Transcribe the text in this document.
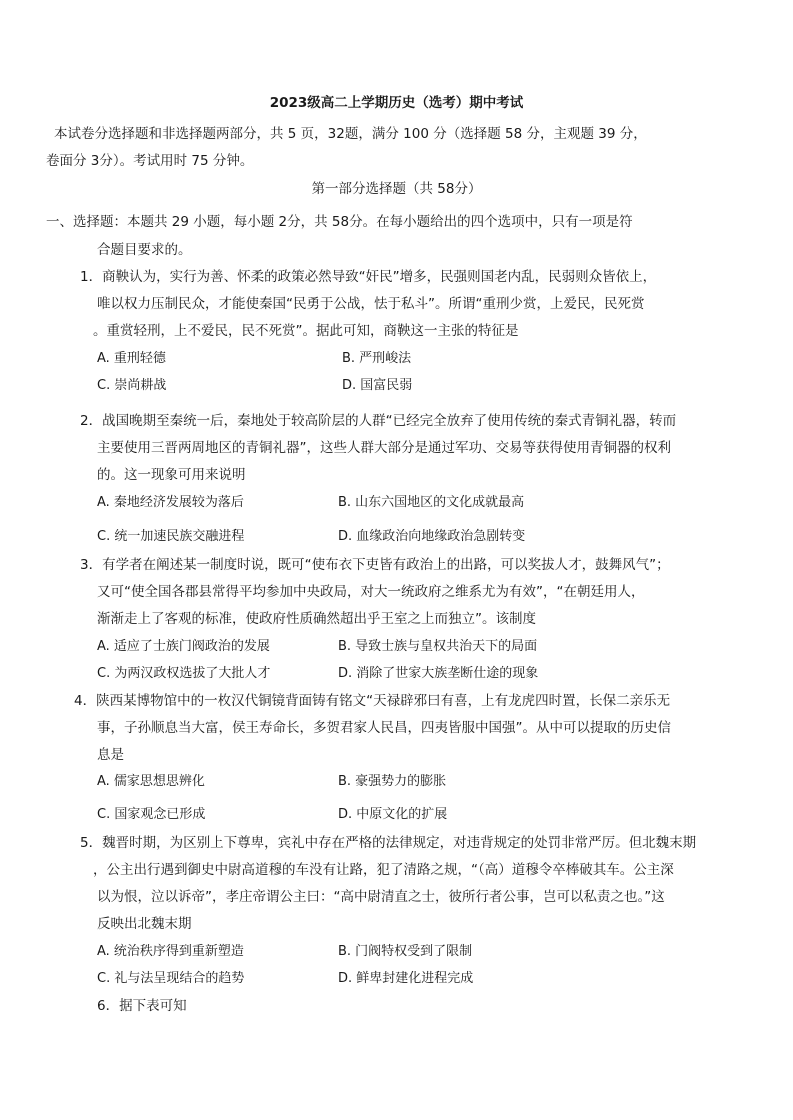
2023级高二上学期历史（选考）期中考试
本试卷分选择题和非选择题两部分，共 5 页，32题，满分 100 分（选择题 58 分，主观题 39 分，
卷面分 3分）。考试用时 75 分钟。
第一部分选择题（共 58分）
一、选择题：本题共 29 小题，每小题 2分，共 58分。在每小题给出的四个选项中，只有一项是符
合题目要求的。
1．商鞅认为，实行为善、怀柔的政策必然导致“奸民”增多，民强则国老内乱，民弱则众皆依上，
唯以权力压制民众，才能使秦国“民勇于公战，怯于私斗”。所谓“重刑少赏，上爱民，民死赏
。重赏轻刑，上不爱民，民不死赏”。据此可知，商鞅这一主张的特征是
A. 重刑轻德	B. 严刑峻法
C. 崇尚耕战	D. 国富民弱
2．战国晚期至秦统一后，秦地处于较高阶层的人群“已经完全放弃了使用传统的秦式青铜礼器，转而
主要使用三晋两周地区的青铜礼器”，这些人群大部分是通过军功、交易等获得使用青铜器的权利
的。这一现象可用来说明
A. 秦地经济发展较为落后	B. 山东六国地区的文化成就最高
C. 统一加速民族交融进程	D. 血缘政治向地缘政治急剧转变
3．有学者在阐述某一制度时说，既可“使布衣下吏皆有政治上的出路，可以奖拔人才，鼓舞风气”；
又可“使全国各郡县常得平均参加中央政局，对大一统政府之维系尤为有效”，“在朝廷用人，
渐渐走上了客观的标准，使政府性质确然超出乎王室之上而独立”。该制度
A. 适应了士族门阀政治的发展	B. 导致士族与皇权共治天下的局面
C. 为两汉政权选拔了大批人才	D. 消除了世家大族垄断仕途的现象
4．陕西某博物馆中的一枚汉代铜镜背面铸有铭文“天禄辟邪曰有喜，上有龙虎四时置，长保二亲乐无
事，子孙顺息当大富，侯王寿命长，多贺君家人民昌，四夷皆服中国强”。从中可以提取的历史信
息是
A. 儒家思想思辨化	B. 豪强势力的膨胀
C. 国家观念已形成	D. 中原文化的扩展
5．魏晋时期，为区别上下尊卑，宾礼中存在严格的法律规定，对违背规定的处罚非常严厉。但北魏末期
，公主出行遇到御史中尉高道穆的车没有让路，犯了清路之规，“（高）道穆令卒棒破其车。公主深
以为恨，泣以诉帝”，孝庄帝谓公主曰：“高中尉清直之士，彼所行者公事，岂可以私责之也。”这
反映出北魏末期
A. 统治秩序得到重新塑造	B. 门阀特权受到了限制
C. 礼与法呈现结合的趋势	D. 鲜卑封建化进程完成
6．据下表可知
